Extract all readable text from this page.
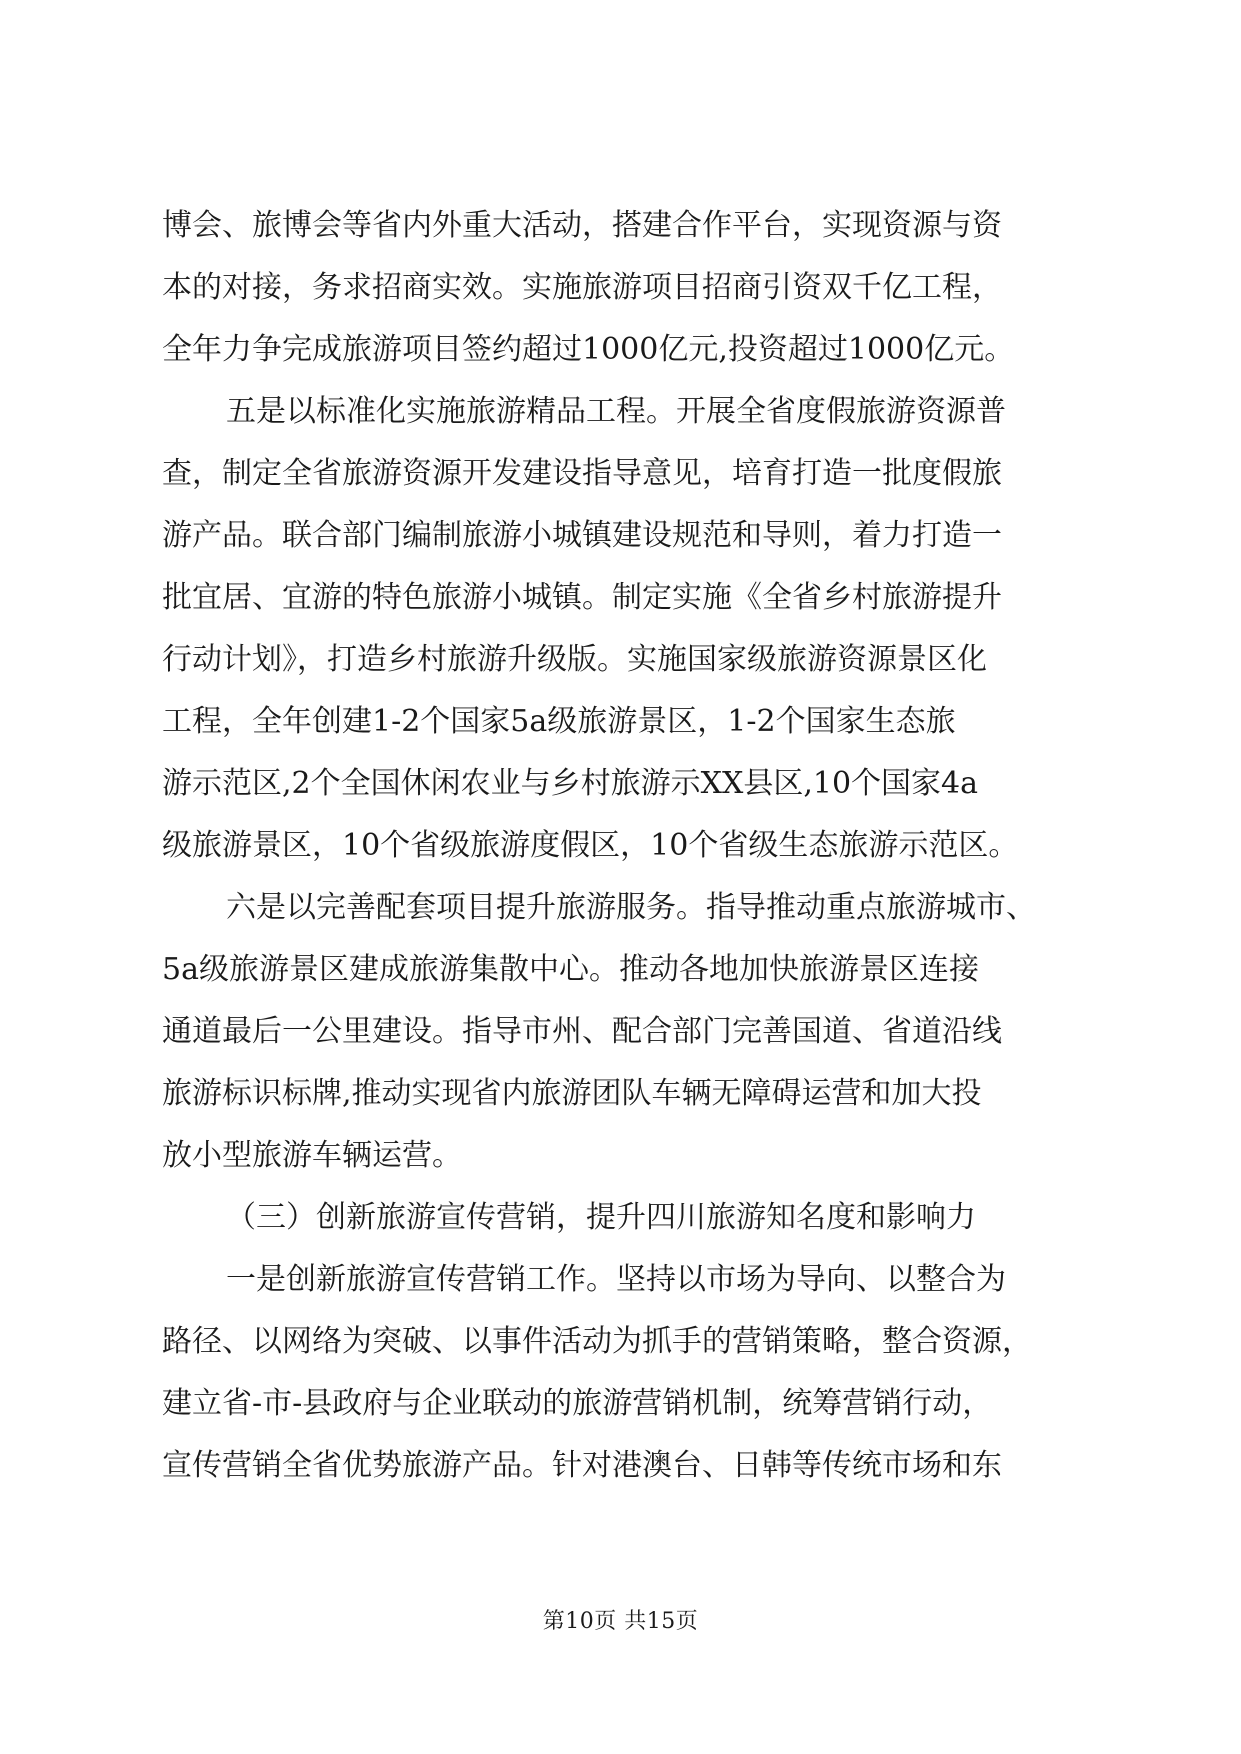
博会、旅博会等省内外重大活动，搭建合作平台，实现资源与资
本的对接，务求招商实效。实施旅游项目招商引资双千亿工程，
全年力争完成旅游项目签约超过1000亿元,投资超过1000亿元。
五是以标准化实施旅游精品工程。开展全省度假旅游资源普
查，制定全省旅游资源开发建设指导意见，培育打造一批度假旅
游产品。联合部门编制旅游小城镇建设规范和导则，着力打造一
批宜居、宜游的特色旅游小城镇。制定实施《全省乡村旅游提升
行动计划》，打造乡村旅游升级版。实施国家级旅游资源景区化
工程，全年创建1-2个国家5a级旅游景区，1-2个国家生态旅
游示范区,2个全国休闲农业与乡村旅游示XX县区,10个国家4a
级旅游景区，10个省级旅游度假区，10个省级生态旅游示范区。
六是以完善配套项目提升旅游服务。指导推动重点旅游城市、
5a级旅游景区建成旅游集散中心。推动各地加快旅游景区连接
通道最后一公里建设。指导市州、配合部门完善国道、省道沿线
旅游标识标牌,推动实现省内旅游团队车辆无障碍运营和加大投
放小型旅游车辆运营。
（三）创新旅游宣传营销，提升四川旅游知名度和影响力
一是创新旅游宣传营销工作。坚持以市场为导向、以整合为
路径、以网络为突破、以事件活动为抓手的营销策略，整合资源，
建立省-市-县政府与企业联动的旅游营销机制，统筹营销行动，
宣传营销全省优势旅游产品。针对港澳台、日韩等传统市场和东
第10页 共15页
